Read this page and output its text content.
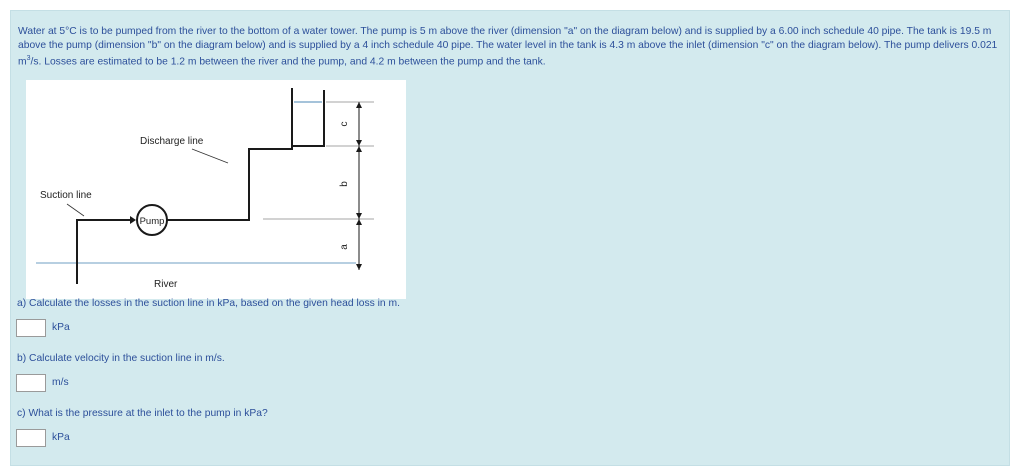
Water at 5°C is to be pumped from the river to the bottom of a water tower. The pump is 5 m above the river (dimension "a" on the diagram below) and is supplied by a 6.00 inch schedule 40 pipe. The tank is 19.5 m above the pump (dimension "b" on the diagram below) and is supplied by a 4 inch schedule 40 pipe. The water level in the tank is 4.3 m above the inlet (dimension "c" on the diagram below). The pump delivers 0.021 $m^3/s$. Losses are estimated to be 1.2 m between the river and the pump, and 4.2 m between the pump and the tank.
Pump
c
b
a
Discharge line
Suction line
River
a) Calculate the losses in the suction line in kPa, based on the given head loss in m.
kPa
b) Calculate velocity in the suction line in m/s.
m/s
c) What is the pressure at the inlet to the pump in kPa?
kPa
